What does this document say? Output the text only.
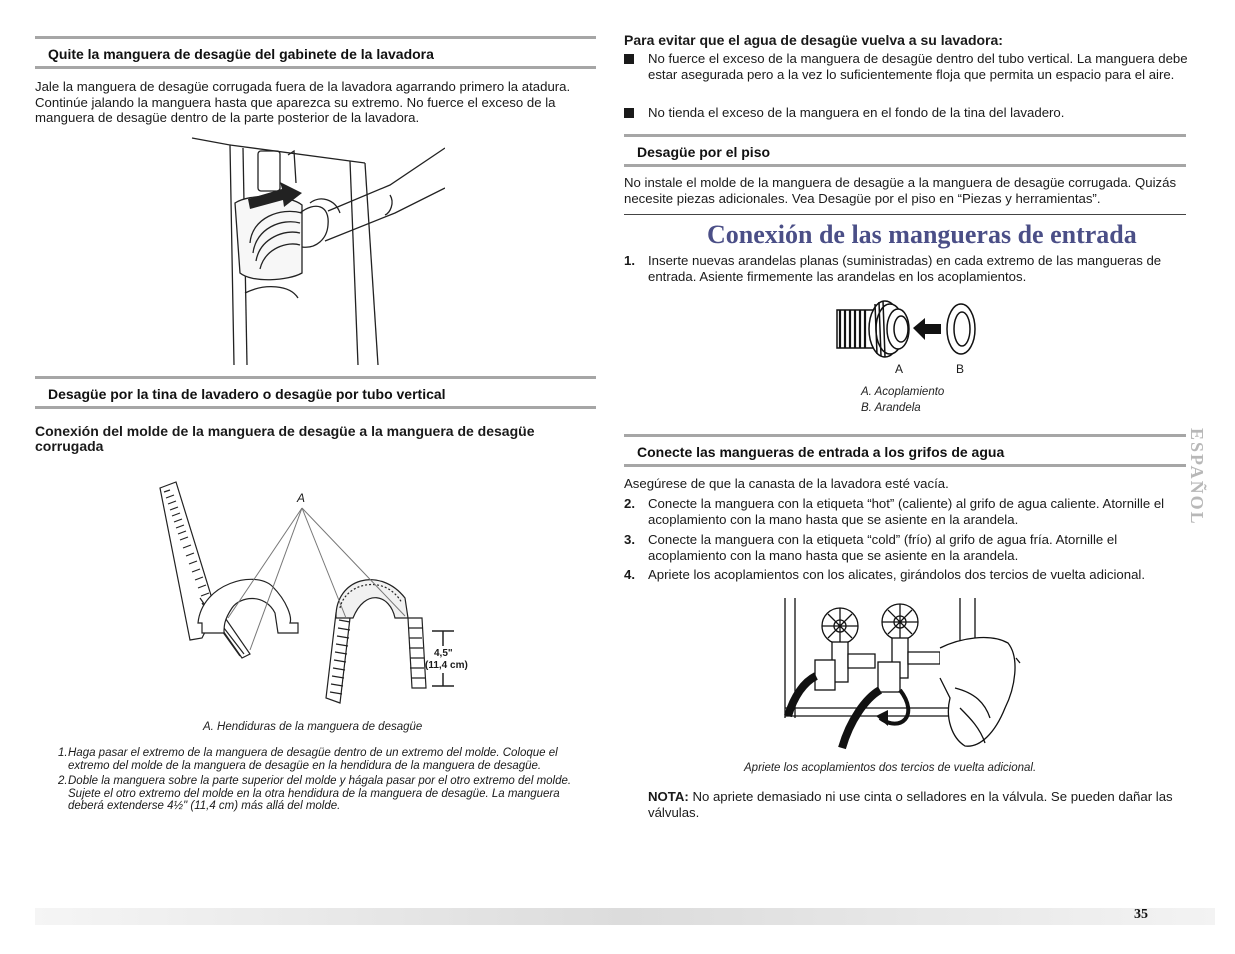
Quite la manguera de desagüe del gabinete de la lavadora
Jale la manguera de desagüe corrugada fuera de la lavadora agarrando primero la atadura. Continúe jalando la manguera hasta que aparezca su extremo. No fuerce el exceso de la manguera de desagüe dentro de la parte posterior de la lavadora.
Desagüe por la tina de lavadero o desagüe por tubo vertical
Conexión del molde de la manguera de desagüe a la manguera de desagüe corrugada
A
4,5"
(11,4 cm)
A. Hendiduras de la manguera de desagüe
1. Haga pasar el extremo de la manguera de desagüe dentro de un extremo del molde. Coloque el extremo del molde de la manguera de desagüe en la hendidura de la manguera de desagüe.
2. Doble la manguera sobre la parte superior del molde y hágala pasar por el otro extremo del molde. Sujete el otro extremo del molde en la otra hendidura de la manguera de desagüe. La manguera deberá extenderse 4½" (11,4 cm) más allá del molde.
Para evitar que el agua de desagüe vuelva a su lavadora:
No fuerce el exceso de la manguera de desagüe dentro del tubo vertical. La manguera debe estar asegurada pero a la vez lo suficientemente floja que permita un espacio para el aire.
No tienda el exceso de la manguera en el fondo de la tina del lavadero.
Desagüe por el piso
No instale el molde de la manguera de desagüe a la manguera de desagüe corrugada. Quizás necesite piezas adicionales. Vea Desagüe por el piso en “Piezas y herramientas”.
Conexión de las mangueras de entrada
1. Inserte nuevas arandelas planas (suministradas) en cada extremo de las mangueras de entrada. Asiente firmemente las arandelas en los acoplamientos.
A	B
A. Acoplamiento
B. Arandela
Conecte las mangueras de entrada a los grifos de agua
Asegúrese de que la canasta de la lavadora esté vacía.
2. Conecte la manguera con la etiqueta “hot” (caliente) al grifo de agua caliente. Atornille el acoplamiento con la mano hasta que se asiente en la arandela.
3. Conecte la manguera con la etiqueta “cold” (frío) al grifo de agua fría. Atornille el acoplamiento con la mano hasta que se asiente en la arandela.
4. Apriete los acoplamientos con los alicates, girándolos dos tercios de vuelta adicional.
Apriete los acoplamientos dos tercios de vuelta adicional.
NOTA: No apriete demasiado ni use cinta o selladores en la válvula. Se pueden dañar las válvulas.
ESPAÑOL
35
